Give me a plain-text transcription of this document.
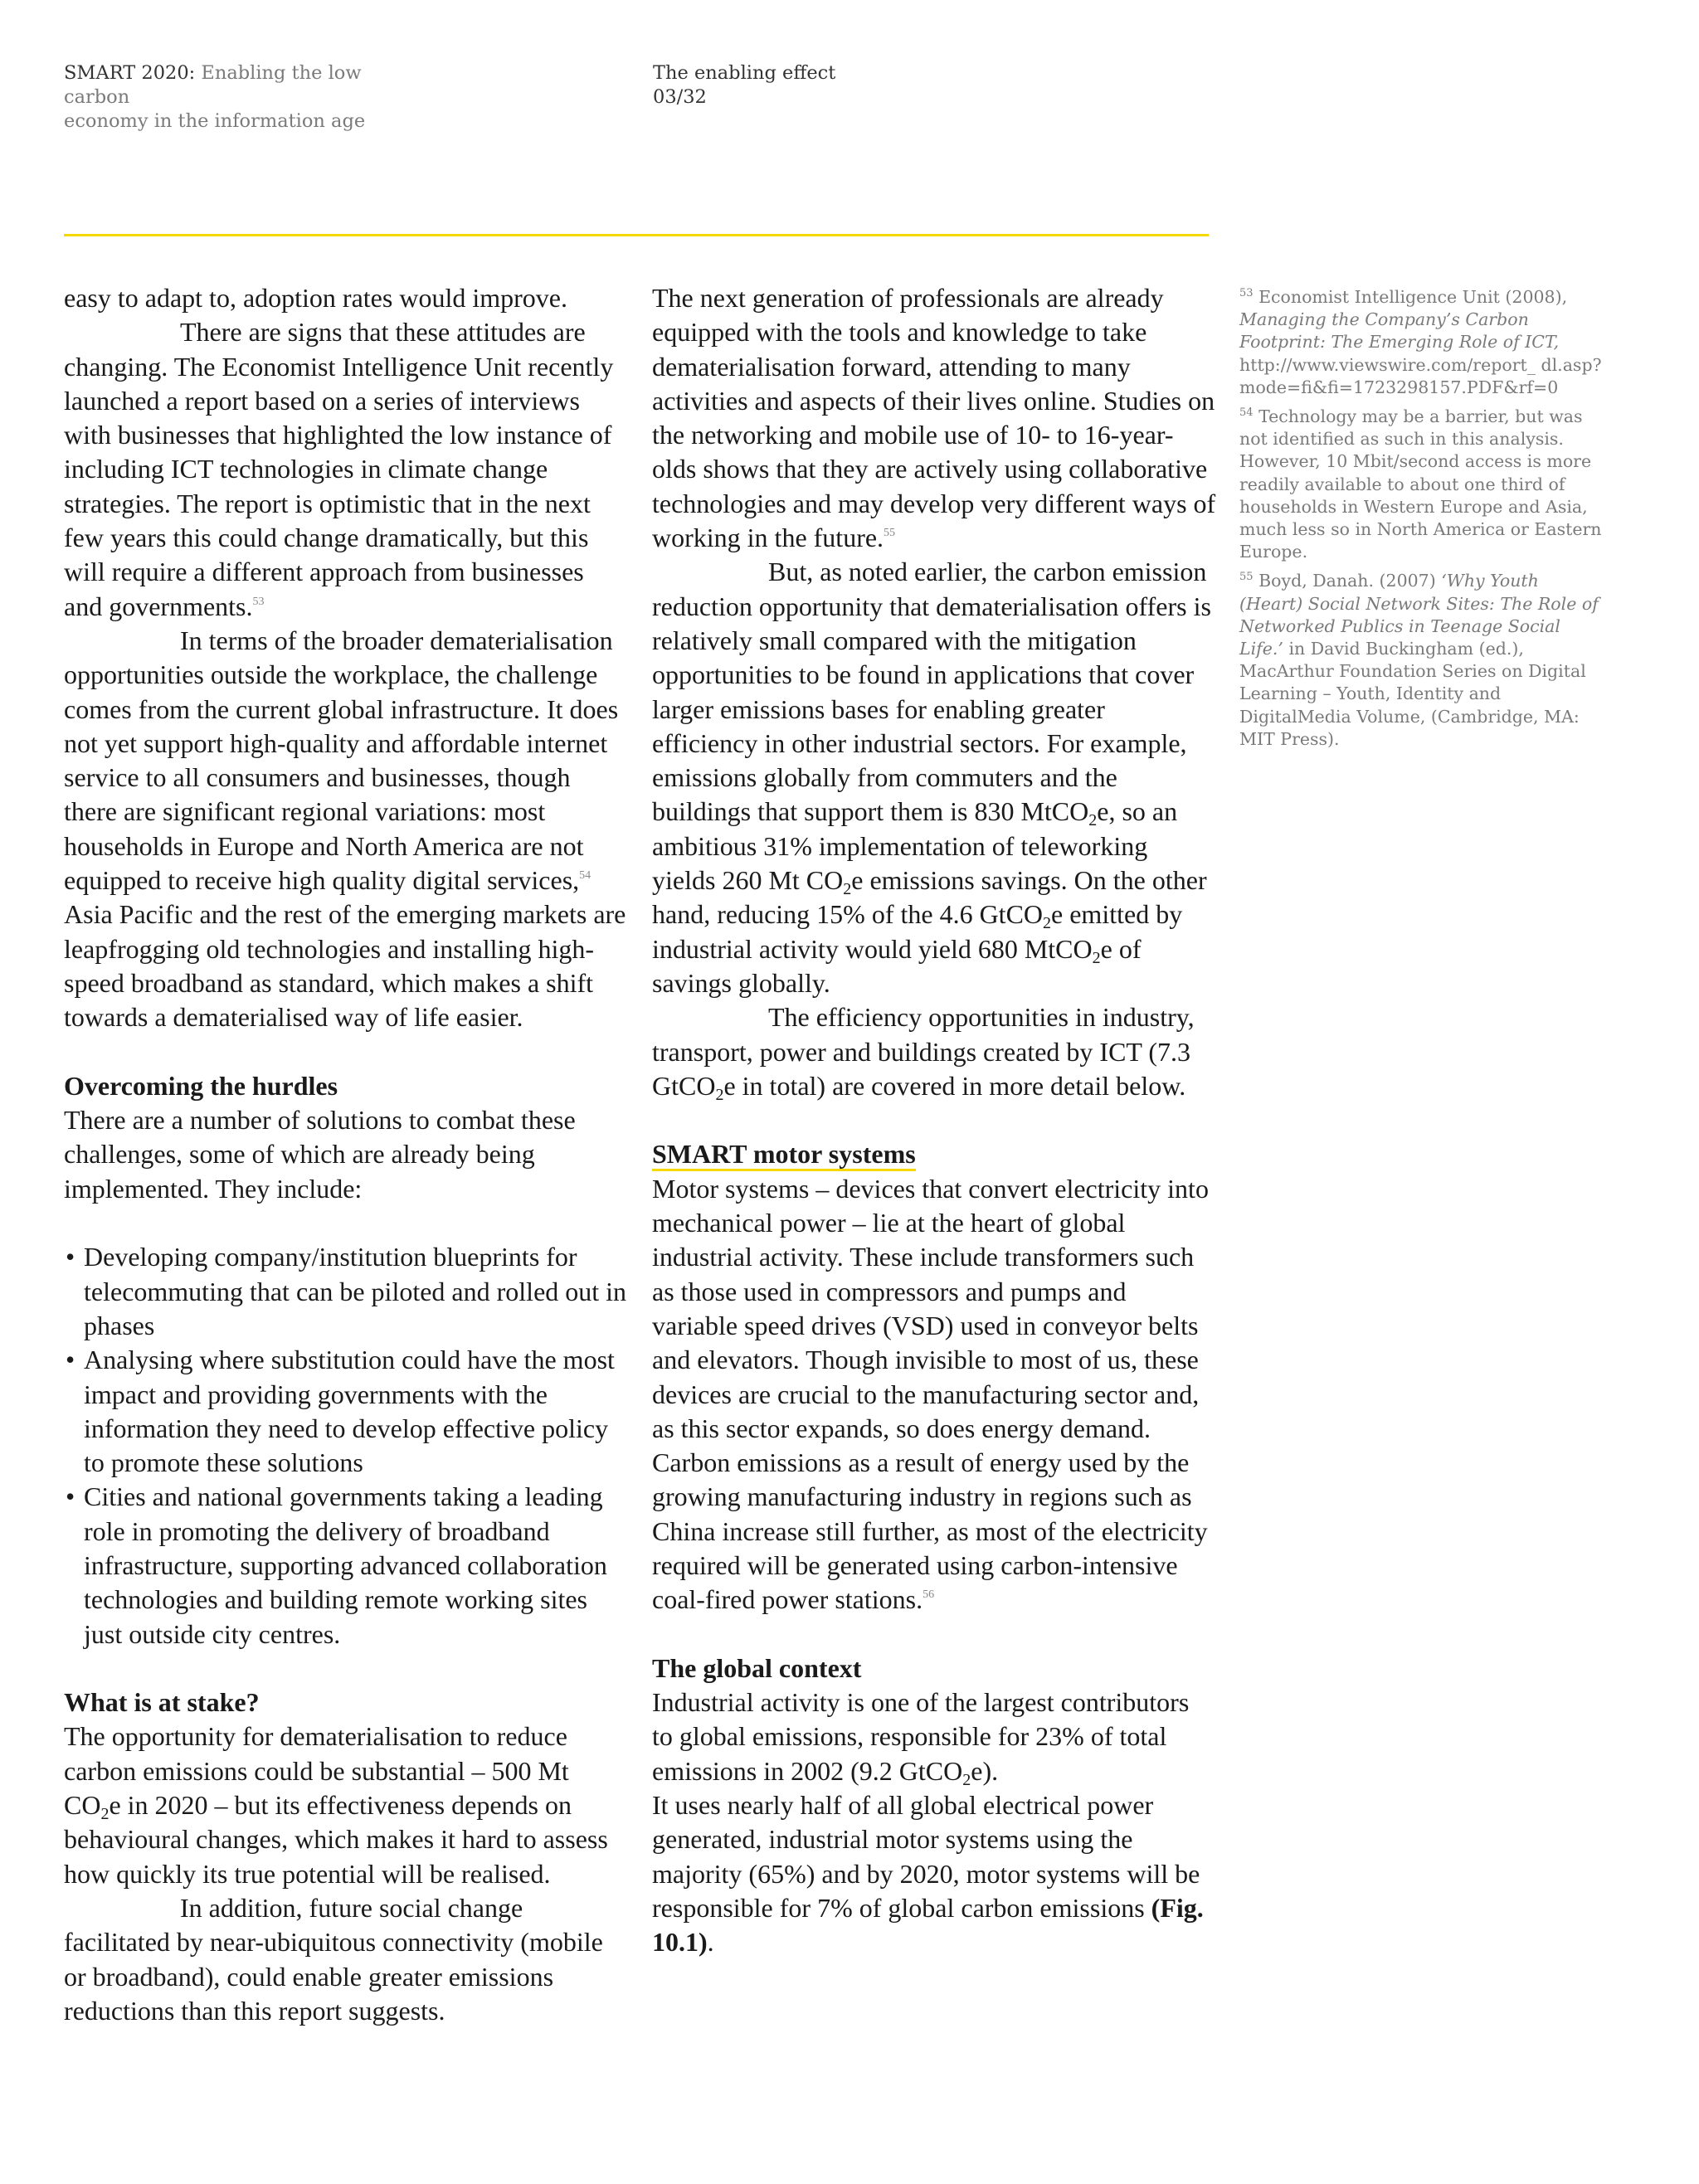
SMART 2020: Enabling the low carbon
economy in the information age
The enabling effect
03/32

easy to adapt to, adoption rates would improve.

There are signs that these attitudes are changing. The Economist Intelligence Unit recently launched a report based on a series of interviews with businesses that highlighted the low instance of including ICT technologies in climate change strategies. The report is optimistic that in the next few years this could change dramatically, but this will require a different approach from businesses and governments.$^{53}$

In terms of the broader dematerialisation opportunities outside the workplace, the challenge comes from the current global infrastructure. It does not yet support high-quality and affordable internet service to all consumers and businesses, though there are significant regional variations: most households in Europe and North America are not equipped to receive high quality digital services,$^{54}$ Asia Pacific and the rest of the emerging markets are leapfrogging old technologies and installing high-speed broadband as standard, which makes a shift towards a dematerialised way of life easier.

Overcoming the hurdles

There are a number of solutions to combat these challenges, some of which are already being implemented. They include:

• Developing company/institution blueprints for telecommuting that can be piloted and rolled out in phases
• Analysing where substitution could have the most impact and providing governments with the information they need to develop effective policy to promote these solutions
• Cities and national governments taking a leading role in promoting the delivery of broadband infrastructure, supporting advanced collaboration technologies and building remote working sites just outside city centres.
What is at stake?

The opportunity for dematerialisation to reduce carbon emissions could be substantial – 500 Mt $CO_2e$ in 2020 – but its effectiveness depends on behavioural changes, which makes it hard to assess how quickly its true potential will be realised.

In addition, future social change facilitated by near-ubiquitous connectivity (mobile or broadband), could enable greater emissions reductions than this report suggests.

The next generation of professionals are already equipped with the tools and knowledge to take dematerialisation forward, attending to many activities and aspects of their lives online. Studies on the networking and mobile use of 10- to 16-year-olds shows that they are actively using collaborative technologies and may develop very different ways of working in the future.$^{55}$

But, as noted earlier, the carbon emission reduction opportunity that dematerialisation offers is relatively small compared with the mitigation opportunities to be found in applications that cover larger emissions bases for enabling greater efficiency in other industrial sectors. For example, emissions globally from commuters and the buildings that support them is 830 MtCO$_2$e, so an ambitious 31% implementation of teleworking yields 260 Mt $CO_2e$ emissions savings. On the other hand, reducing 15% of the 4.6 GtCO$_2$e emitted by industrial activity would yield 680 MtCO$_2$e of savings globally.

The efficiency opportunities in industry, transport, power and buildings created by ICT (7.3 GtCO$_2$e in total) are covered in more detail below.

SMART motor systems

Motor systems – devices that convert electricity into mechanical power – lie at the heart of global industrial activity. These include transformers such as those used in compressors and pumps and variable speed drives (VSD) used in conveyor belts and elevators. Though invisible to most of us, these devices are crucial to the manufacturing sector and, as this sector expands, so does energy demand. Carbon emissions as a result of energy used by the growing manufacturing industry in regions such as China increase still further, as most of the electricity required will be generated using carbon-intensive coal-fired power stations.$^{56}$

The global context

Industrial activity is one of the largest contributors to global emissions, responsible for 23% of total emissions in 2002 (9.2 GtCO$_2$e).

It uses nearly half of all global electrical power generated, industrial motor systems using the majority (65%) and by 2020, motor systems will be responsible for 7% of global carbon emissions (Fig. 10.1).

$^{53}$ Economist Intelligence Unit (2008), Managing the Company’s Carbon Footprint: The Emerging Role of ICT, http://www.viewswire.com/report_ dl.asp?mode=fi&fi=1723298157.PDF&rf=0

$^{54}$ Technology may be a barrier, but was not identified as such in this analysis. However, 10 Mbit/second access is more readily available to about one third of households in Western Europe and Asia, much less so in North America or Eastern Europe.

$^{55}$ Boyd, Danah. (2007) ‘Why Youth (Heart) Social Network Sites: The Role of Networked Publics in Teenage Social Life.’ in David Buckingham (ed.), MacArthur Foundation Series on Digital Learning – Youth, Identity and DigitalMedia Volume, (Cambridge, MA: MIT Press).
